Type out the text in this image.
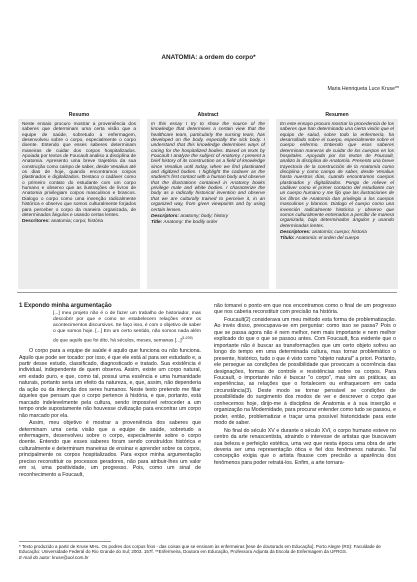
ANATOMIA: a ordem do corpo*
Maria Henriqueta Luce Kruse**
Resumo

Neste ensaio procuro mostrar a proveniência dos saberes que determinam uma certa visão que a equipe de saúde, sobretudo a enfermagem, desenvolveu sobre o corpo, especialmente o corpo doente. Entendo que esses saberes determinam maneiras de cuidar dos corpos hospitalizados. Apoiada por textos de Foucault analiso a disciplina de Anatomia. Apresento uma breve trajetória da sua construção como campo de saber, desde Vesalius até os dias de hoje, quando encontramos corpos plastinados e digitalizados. Destaco o cadáver como o primeiro contato do estudante com um corpo humano e observo que as ilustrações de livros de Anatomia privilegiam corpos masculinos e brancos. Dialogo o corpo como uma invenção radicalmente histórica e observo que somos culturalmente forjados para perceber o corpo da maneira organizada, de determinados ângulos e usando certas lentes.

Descritores: anatomia; corpo; história

Abstract

In this essay I try to show the source of the knowledge that determines a certain view that the healthcare team, particularly the nursing team, has developed on the body, especially the sick body. I understand that this knowledge determines ways of caring for the hospitalized bodies. Based on texts by Foucault I analyze the subject of Anatomy. I present a brief history of its construction as a field of knowledge since Vesalius until today, when we find plastinated and digitized bodies. I highlight the cadaver as the student's first contact with a human body and observe that the illustrations contained in Anatomy books privilege male and white bodies. I characterize the body as a radically historical invention and observe that we are culturally trained to perceive it, in an organized way, from given viewpoints and by using certain lenses.

Descriptors: anatomy; body; history

Title: Anatomy: the bodily order

Resumen

En este ensayo procuro mostrar la procedencia de los saberes que han determinado una cierta visión que el equipo de salud, sobre todo la enfermería, ha desarrollado sobre el cuerpo, especialmente sobre el cuerpo enfermo. Entiendo que esos saberes determinan maneras de cuidar de los cuerpos en los hospitales. Apoyada por los textos de Foucault, analizo la disciplina de Anatomía. Presento una breve trayectoria de la construcción de la Anatomía como disciplina y como campo de saber, desde Vesalius hasta nuestros días, cuando encontramos cuerpos plastinados y digitalizados. Pongo de relieve el cadáver como el primer contacto del estudiante con un cuerpo humano y me fijo que las ilustraciones de los libros de Anatomía dan privilegio a los cuerpos masculinos y blancos. Dialogo el cuerpo como una invención radicalmente histórica y observo que somos culturalmente entrenados a percibir de manera organizada, bajo determinados ángulos y usando determinadas lentes.

Descriptores: anatomía; cuerpo; historia

Título: Anatomía: el orden del cuerpo

1 Expondo minha argumentação

[...] meu projeto não é o de fazer um trabalho de historiador, mas descobrir por que e como se estabelecem relações entre os acontecimentos discursivos. Se faço isso, é com o objetivo de saber o que somos hoje. [...] Em um certo sentido, não somos nada além do que aquilo que foi dito, há séculos, meses, semanas [...]$^{(1:239)}$

O corpo para a equipe de saúde é aquilo que funciona ou não funciona. Aquilo que pode ser tocado: por isso, é que ele está aí para ser estudado e, a partir desse estudo, classificado, diagnosticado e tratado. Sua existência é individual, independente de quem observa. Assim, existe um corpo natural, em estado puro, e que, como tal, possui uma essência e uma humanidade naturais, portanto seria um efeito da natureza, e, que, assim, não dependeria da ação ou da intenção dos seres humanos. Neste texto pretendo me filiar àqueles que pensam que o corpo pertence à história, e que, portanto, está marcado indelevelmente pela cultura, sendo impossível retroceder a um tempo onde supostamente não houvesse civilização para encontrar um corpo não marcado por ela.

Assim, meu objetivo é mostrar a proveniência dos saberes que determinam uma certa visão que a equipe de saúde, sobretudo a enfermagem, desenvolveu sobre o corpo, especialmente sobre o corpo doente. Entendo que esses saberes foram sendo construídos histórica e culturalmente e determinam maneiras de ensinar e aprender sobre os corpos, principalmente os corpos hospitalizados. Para expor minha argumentação preciso reconstituir os processos geradores, não para atribuir-lhes um valor em si, uma positividade, um progresso. Pois, como um sinal de reconhecimento a Foucault,

não tomarei o ponto em que nos encontramos como o final de um progresso que nos caberia reconstituir com precisão na história.

Foucault(2) considerava um meu método esta forma de problematização. Ao invés disso, preocupava-se em perguntar: como isso se passa? Pois o que se passa agora não é nem melhor, nem mais importante e nem melhor explicado do que o que se passou antes. Com Foucault, fica evidente que o importante não é buscar as transformações que um certo objeto sofreu ao longo do tempo em uma determinada cultura, mas tornar problemático o presente, histórico, tudo o que é visto como "objeto natural" a priori. Portanto, ele persegue as condições de possibilidade que provocam a ocorrência das designações, formas de controle e resistências sobre os corpos. Para Foucault, o importante não é buscar "o corpo", mas sim as práticas, as experiências, as relações que o fortalecem ou enfraquecem em cada circunstância(3). Deste modo se tornar pensável se condições de possibilidade do surgimento dos modos de ver e descrever o corpo que conhecemos hoje, dirijo-me à disciplina de Anatomia e à sua inserção e organização na Modernidade, para procurar entender como tudo se passou, e poder, então, problematizar e traçar uma possível historicidade para este modo de saber.

No final do século XV e durante o século XVI, o corpo humano esteve no centro da arte renascentista, atraindo o interesse de artistas que buscavam sua beleza e perfeição estética, uma vez que nesta época uma obra de arte deveria ser uma representação ótica e fiel dos fenômenos naturais. Tal concepção exigia que o artista fixasse com precisão a aparência dos fenômenos para poder retratá-los. Enfim, a arte tornara-

* Texto produzido a partir de Kruse MHL. Os podres dos corpos frios - das coisas que se ensinam às enfermeiras [tese de doutorado em Educação]. Porto Alegre (RS): Faculdade de Educação: Universidade Federal do Rio Grande do Sul; 2003. 157f. **Enfermeira, Doutora em Educação, Professora Adjunta da Escola de Enfermagem da UFRGS.

E-mail do autor: kruse@uol.com.br
